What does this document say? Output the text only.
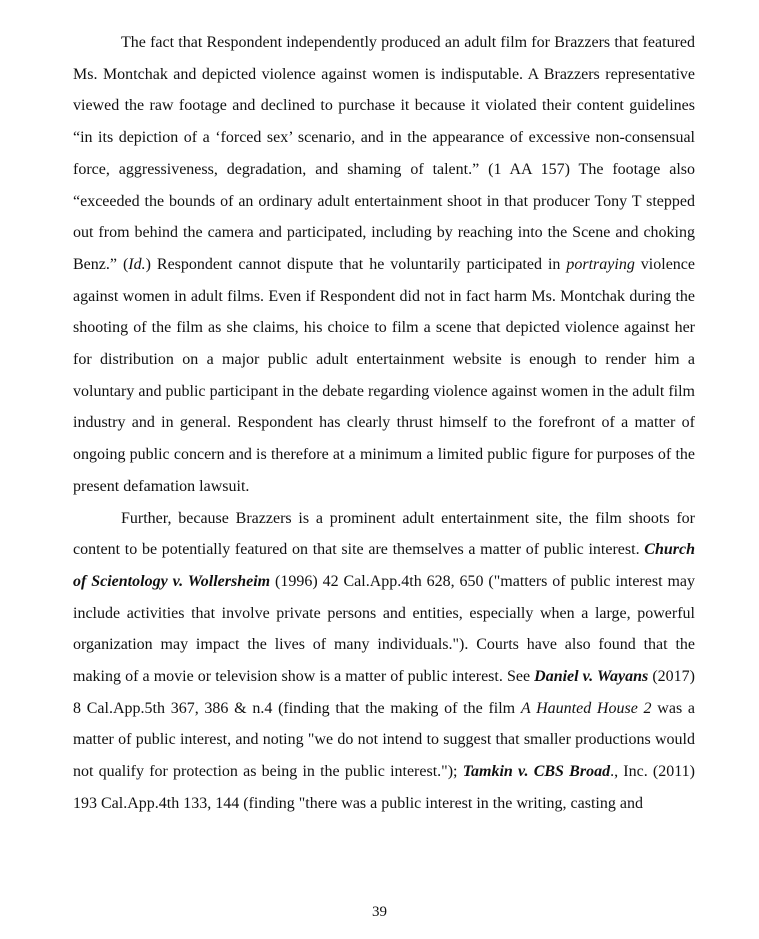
The fact that Respondent independently produced an adult film for Brazzers that featured Ms. Montchak and depicted violence against women is indisputable. A Brazzers representative viewed the raw footage and declined to purchase it because it violated their content guidelines “in its depiction of a ‘forced sex’ scenario, and in the appearance of excessive non-consensual force, aggressiveness, degradation, and shaming of talent.” (1 AA 157) The footage also “exceeded the bounds of an ordinary adult entertainment shoot in that producer Tony T stepped out from behind the camera and participated, including by reaching into the Scene and choking Benz.” (Id.) Respondent cannot dispute that he voluntarily participated in portraying violence against women in adult films. Even if Respondent did not in fact harm Ms. Montchak during the shooting of the film as she claims, his choice to film a scene that depicted violence against her for distribution on a major public adult entertainment website is enough to render him a voluntary and public participant in the debate regarding violence against women in the adult film industry and in general. Respondent has clearly thrust himself to the forefront of a matter of ongoing public concern and is therefore at a minimum a limited public figure for purposes of the present defamation lawsuit.

Further, because Brazzers is a prominent adult entertainment site, the film shoots for content to be potentially featured on that site are themselves a matter of public interest. Church of Scientology v. Wollersheim (1996) 42 Cal.App.4th 628, 650 ("matters of public interest may include activities that involve private persons and entities, especially when a large, powerful organization may impact the lives of many individuals."). Courts have also found that the making of a movie or television show is a matter of public interest. See Daniel v. Wayans (2017) 8 Cal.App.5th 367, 386 & n.4 (finding that the making of the film A Haunted House 2 was a matter of public interest, and noting "we do not intend to suggest that smaller productions would not qualify for protection as being in the public interest."); Tamkin v. CBS Broad., Inc. (2011) 193 Cal.App.4th 133, 144 (finding "there was a public interest in the writing, casting and

39
